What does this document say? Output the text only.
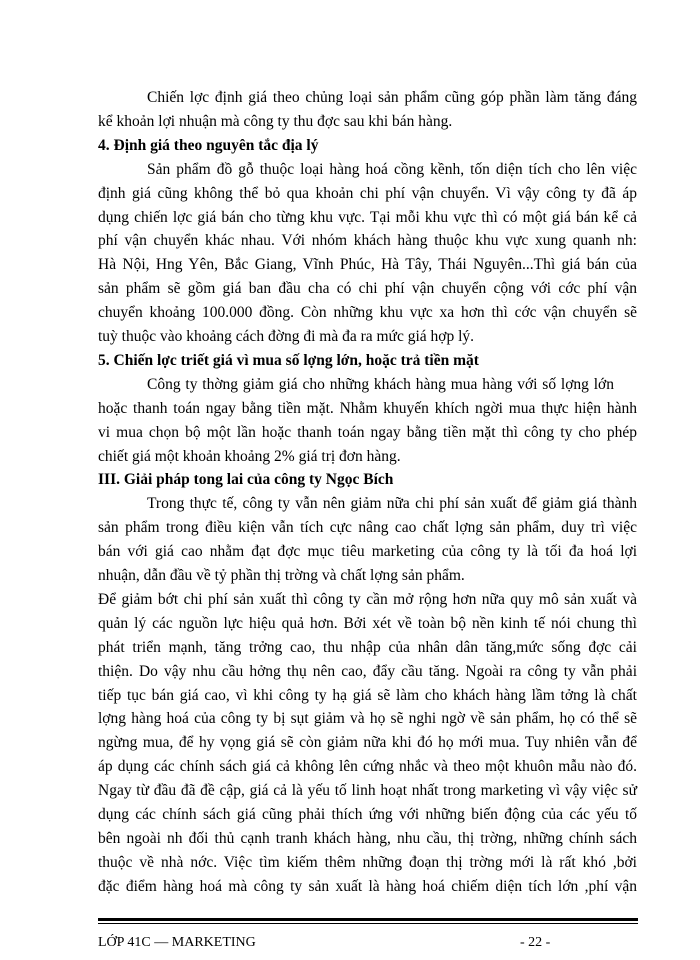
Chiến lợc định giá theo chủng loại sản phẩm cũng góp phần làm tăng đáng
kể khoản lợi nhuận mà công ty thu đợc sau khi bán hàng.
4. Định giá theo nguyên tắc địa lý
Sản phẩm đồ gỗ thuộc loại hàng hoá cồng kềnh, tốn diện tích cho lên việc
định giá cũng không thể bỏ qua khoản chi phí vận chuyển. Vì vậy công ty đã áp
dụng chiến lợc giá bán cho từng khu vực. Tại mỗi khu vực thì có một giá bán kể cả
phí vận chuyển khác nhau. Với nhóm khách hàng thuộc khu vực xung quanh nh:
Hà Nội, Hng Yên, Bắc Giang, Vĩnh Phúc, Hà Tây, Thái Nguyên...Thì giá bán của
sản phẩm sẽ gồm giá ban đầu cha có chi phí vận chuyển cộng với cớc phí vận
chuyển khoảng 100.000 đồng. Còn những khu vực xa hơn thì cớc vận chuyển sẽ
tuỳ thuộc vào khoảng cách đờng đi mà đa ra mức giá hợp lý.
5. Chiến lợc triết giá vì mua số lợng lớn, hoặc trả tiền mặt
Công ty thờng giảm giá cho những khách hàng mua hàng với số lợng lớn
hoặc thanh toán ngay bằng tiền mặt. Nhằm khuyến khích ngời mua thực hiện hành
vi mua chọn bộ một lần hoặc thanh toán ngay bằng tiền mặt thì công ty cho phép
chiết giá một khoản khoảng 2% giá trị đơn hàng.
III. Giải pháp tong lai của công ty Ngọc Bích
Trong thực tế, công ty vẫn nên giảm nữa chi phí sản xuất để giảm giá thành
sản phẩm trong điều kiện vẫn tích cực nâng cao chất lợng sản phẩm, duy trì việc
bán với giá cao nhằm đạt đợc mục tiêu marketing của công ty là tối đa hoá lợi
nhuận, dẫn đầu về tỷ phần thị trờng và chất lợng sản phẩm.
Để giảm bớt chi phí sản xuất thì công ty cần mở rộng hơn nữa quy mô sản xuất và
quản lý các nguồn lực hiệu quả hơn. Bởi xét về toàn bộ nền kinh tế nói chung thì
phát triển mạnh, tăng trởng cao, thu nhập của nhân dân tăng,mức sống đợc cải
thiện. Do vậy nhu cầu hởng thụ nên cao, đẩy cầu tăng. Ngoài ra công ty vẫn phải
tiếp tục bán giá cao, vì khi công ty hạ giá sẽ làm cho khách hàng lầm tởng là chất
lợng hàng hoá của công ty bị sụt giảm và họ sẽ nghi ngờ về sản phẩm, họ có thể sẽ
ngừng mua, để hy vọng giá sẽ còn giảm nữa khi đó họ mới mua. Tuy nhiên vẫn để
áp dụng các chính sách giá cả không lên cứng nhắc và theo một khuôn mẫu nào đó.
Ngay từ đầu đã đề cập, giá cả là yếu tố linh hoạt nhất trong marketing vì vậy việc sử
dụng các chính sách giá cũng phải thích ứng với những biến động của các yếu tố
bên ngoài nh đối thủ cạnh tranh khách hàng, nhu cầu, thị trờng, những chính sách
thuộc về nhà nớc. Việc tìm kiếm thêm những đoạn thị trờng mới là rất khó ,bởi
đặc điểm hàng hoá mà công ty sản xuất là hàng hoá chiếm diện tích lớn ,phí vận
LỚP 41C — MARKETING	- 22 -
